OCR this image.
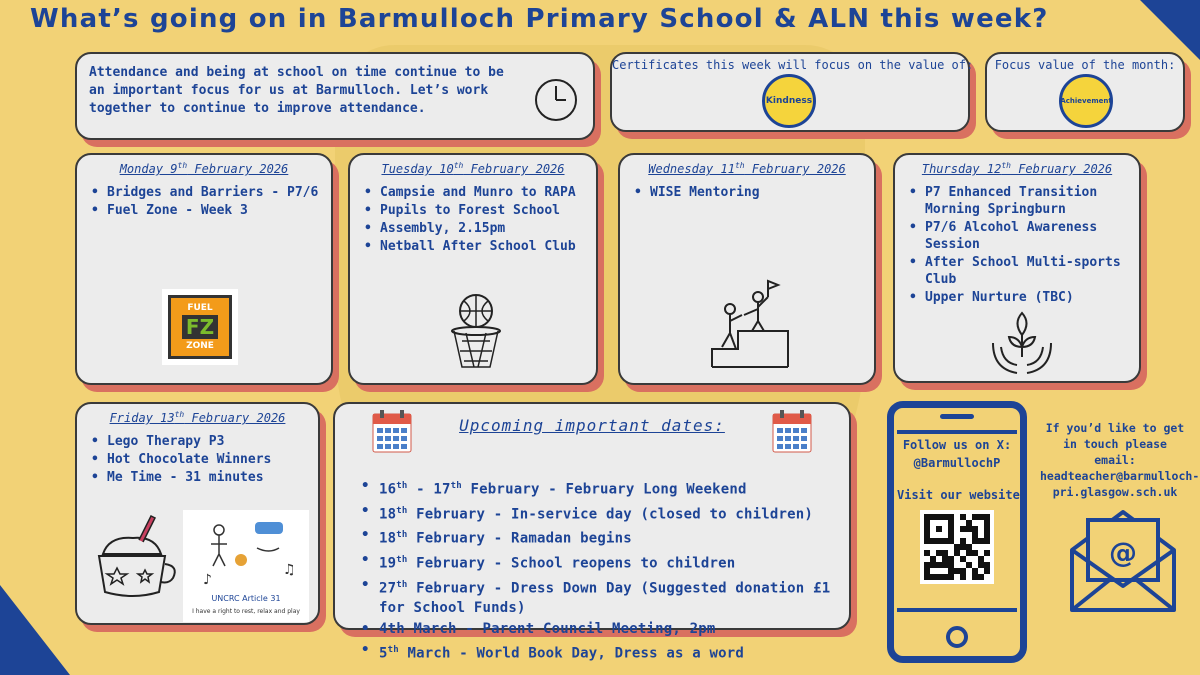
What’s going on in Barmulloch Primary School & ALN this week?
Attendance and being at school on time continue to be an important focus for us at Barmulloch. Let’s work together to continue to improve attendance.
Certificates this week will focus on the value of:
Kindness
Focus value of the month:
Achievement
Monday 9th February 2026
• Bridges and Barriers - P7/6
• Fuel Zone - Week 3
FUEL
FZ
ZONE
Tuesday 10th February 2026
• Campsie and Munro to RAPA
• Pupils to Forest School
• Assembly, 2.15pm
• Netball After School Club
Wednesday 11th February 2026
• WISE Mentoring
Thursday 12th February 2026
• P7 Enhanced Transition Morning Springburn
• P7/6 Alcohol Awareness Session
• After School Multi-sports Club
• Upper Nurture (TBC)
Friday 13th February 2026
• Lego Therapy P3
• Hot Chocolate Winners
• Me Time - 31 minutes
♪
♫
UNCRC Article 31
I have a right to rest, relax and play
Upcoming important dates:
• 16th - 17th February - February Long Weekend
• 18th February - In-service day (closed to children)
• 18th February - Ramadan begins
• 19th February - School reopens to children
• 27th February - Dress Down Day (Suggested donation £1 for School Funds)
• 4th March - Parent Council Meeting, 2pm
• 5th March - World Book Day, Dress as a word
Follow us on X:
@BarmullochP
Visit our website:
If you’d like to get in touch please email: headteacher@barmulloch-pri.glasgow.sch.uk
@
